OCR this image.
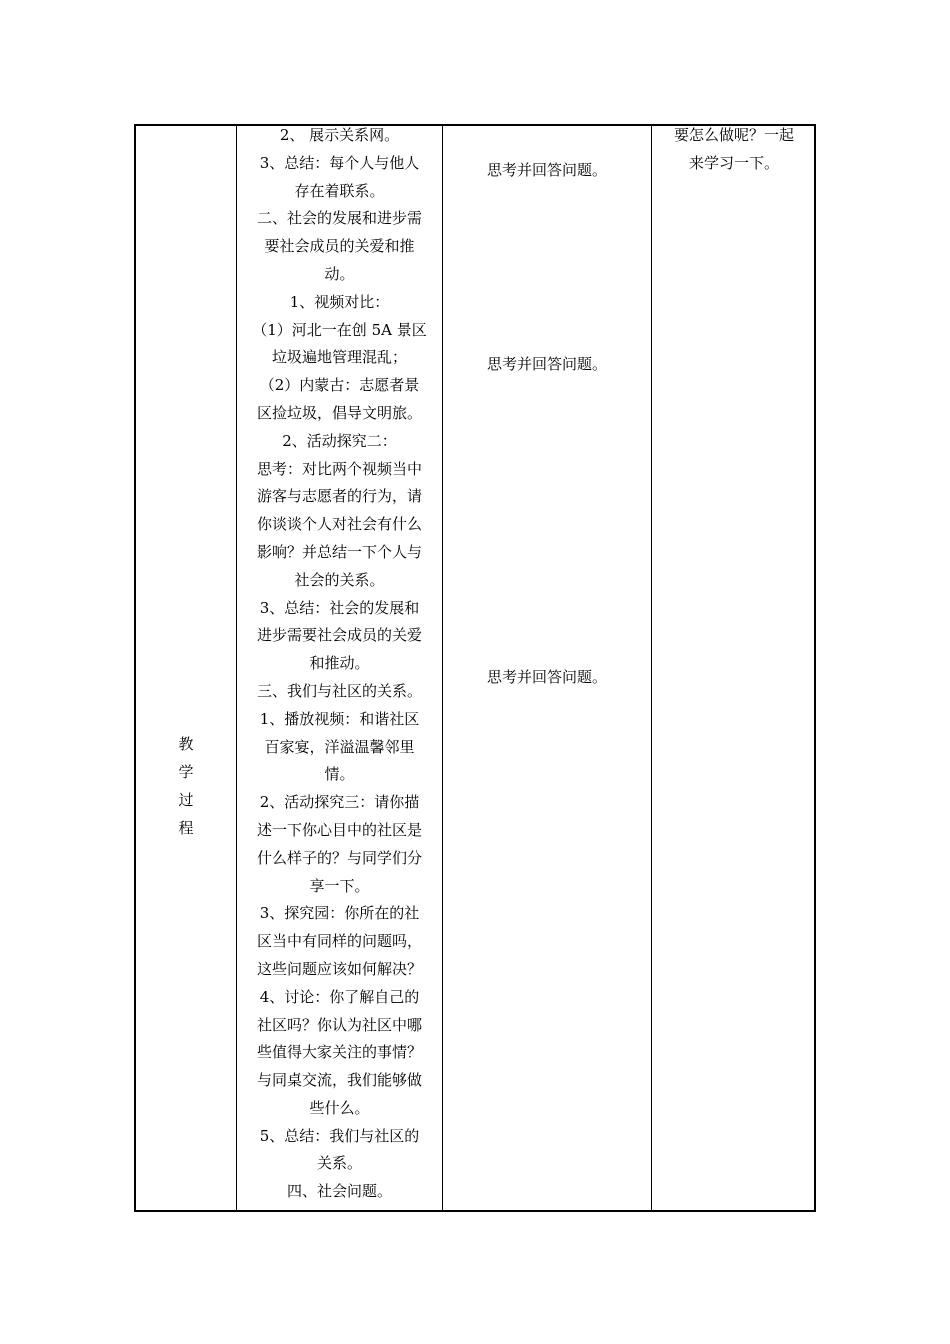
教
学
过
程
2、 展示关系网。
3、总结：每个人与他人
存在着联系。
二、社会的发展和进步需
要社会成员的关爱和推
动。
1、视频对比：
（1）河北一在创 5A 景区
垃圾遍地管理混乱；
（2）内蒙古：志愿者景
区捡垃圾，倡导文明旅。
2、活动探究二：
思考：对比两个视频当中
游客与志愿者的行为，请
你谈谈个人对社会有什么
影响？并总结一下个人与
社会的关系。
3、总结：社会的发展和
进步需要社会成员的关爱
和推动。
三、我们与社区的关系。
1、播放视频：和谐社区
百家宴，洋溢温馨邻里
情。
2、活动探究三：请你描
述一下你心目中的社区是
什么样子的？与同学们分
享一下。
3、探究园：你所在的社
区当中有同样的问题吗，
这些问题应该如何解决？
4、讨论：你了解自己的
社区吗？你认为社区中哪
些值得大家关注的事情？
与同桌交流，我们能够做
些什么。
5、总结：我们与社区的
关系。
四、社会问题。
思考并回答问题。
思考并回答问题。
思考并回答问题。
要怎么做呢？一起
来学习一下。
